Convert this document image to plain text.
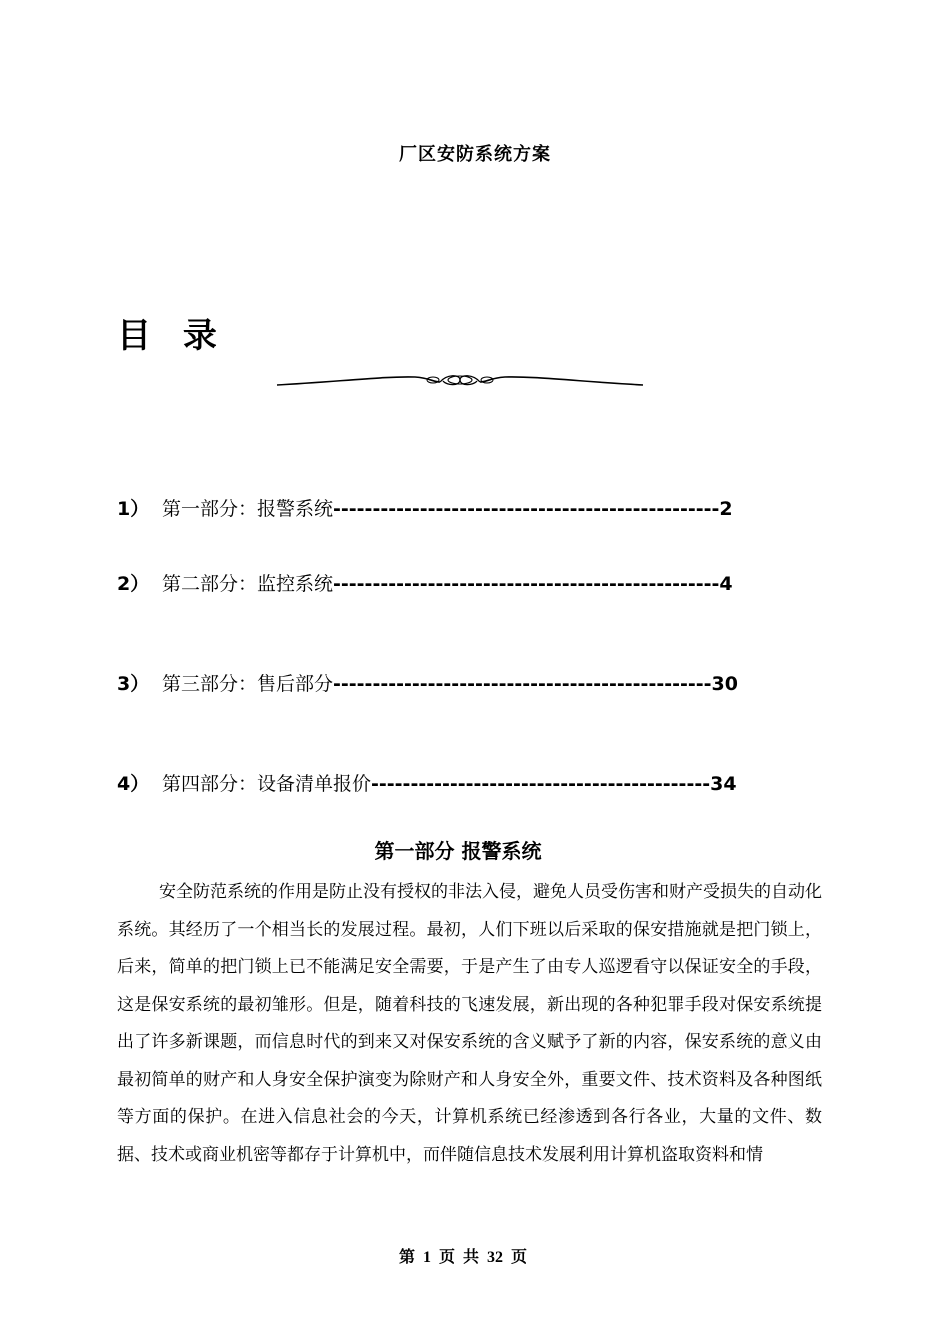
厂区安防系统方案
目 录
1） 第一部分：报警系统-------------------------------------------------2
2） 第二部分：监控系统-------------------------------------------------4
3） 第三部分：售后部分------------------------------------------------30
4） 第四部分：设备清单报价-------------------------------------------34
第一部分 报警系统

安全防范系统的作用是防止没有授权的非法入侵，避免人员受伤害和财产受损失的自动化系统。其经历了一个相当长的发展过程。最初，人们下班以后采取的保安措施就是把门锁上，后来，简单的把门锁上已不能满足安全需要，于是产生了由专人巡逻看守以保证安全的手段，这是保安系统的最初雏形。但是，随着科技的飞速发展，新出现的各种犯罪手段对保安系统提出了许多新课题，而信息时代的到来又对保安系统的含义赋予了新的内容，保安系统的意义由最初简单的财产和人身安全保护演变为除财产和人身安全外，重要文件、技术资料及各种图纸等方面的保护。在进入信息社会的今天，计算机系统已经渗透到各行各业，大量的文件、数据、技术或商业机密等都存于计算机中，而伴随信息技术发展利用计算机盗取资料和情

第 1 页 共 32 页
